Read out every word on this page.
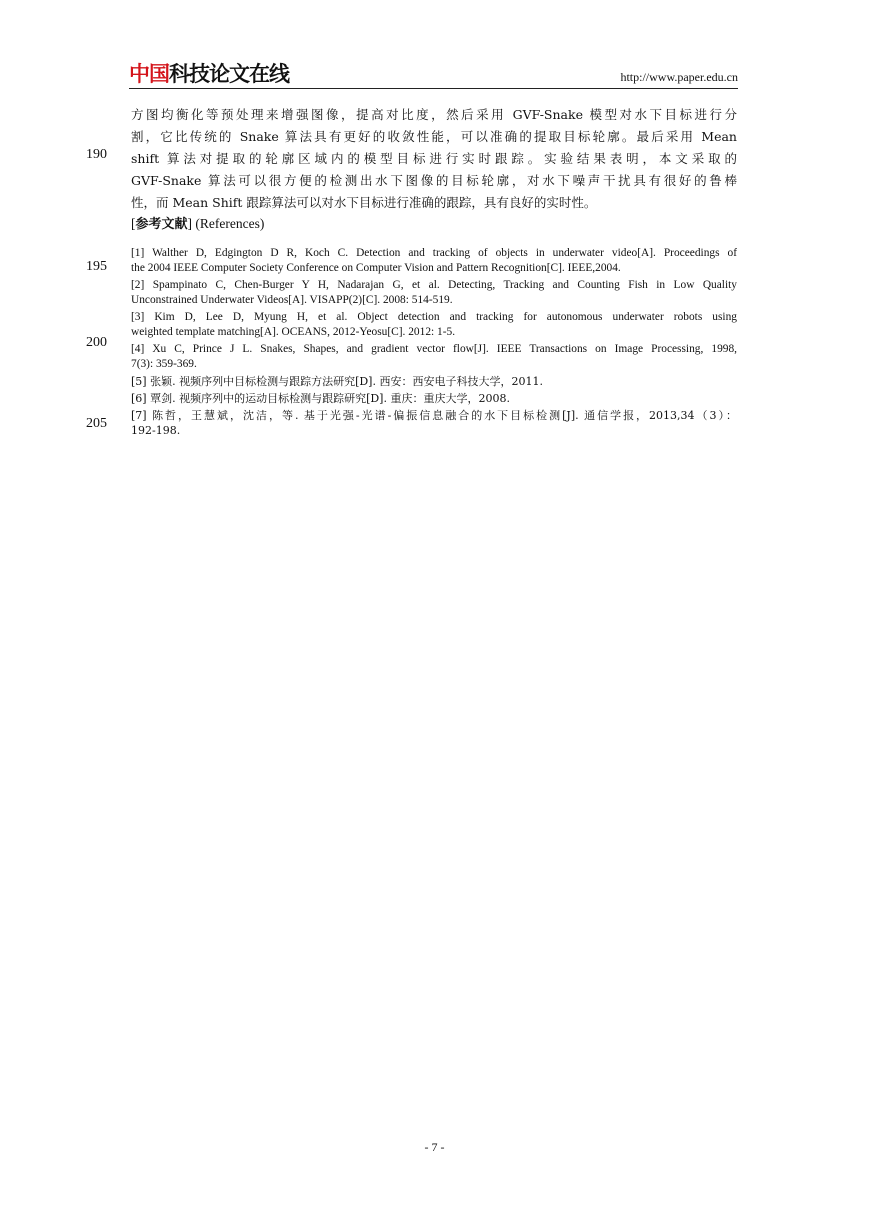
中国科技论文在线	http://www.paper.edu.cn
方图均衡化等预处理来增强图像，提高对比度，然后采用 GVF-Snake 模型对水下目标进行分
割，它比传统的 Snake 算法具有更好的收敛性能，可以准确的提取目标轮廓。最后采用 Mean
shift 算法对提取的轮廓区域内的模型目标进行实时跟踪。实验结果表明，本文采取的
GVF-Snake 算法可以很方便的检测出水下图像的目标轮廓，对水下噪声干扰具有很好的鲁棒
性，而 Mean Shift 跟踪算法可以对水下目标进行准确的跟踪，具有良好的实时性。
190
195
200
205
[参考文献] (References)
[1] Walther D, Edgington D R, Koch C. Detection and tracking of objects in underwater video[A]. Proceedings of
the 2004 IEEE Computer Society Conference on Computer Vision and Pattern Recognition[C]. IEEE,2004.
[2] Spampinato C, Chen-Burger Y H, Nadarajan G, et al. Detecting, Tracking and Counting Fish in Low Quality
Unconstrained Underwater Videos[A]. VISAPP(2)[C]. 2008: 514-519.
[3] Kim D, Lee D, Myung H, et al. Object detection and tracking for autonomous underwater robots using
weighted template matching[A]. OCEANS, 2012-Yeosu[C]. 2012: 1-5.
[4] Xu C, Prince J L. Snakes, Shapes, and gradient vector flow[J]. IEEE Transactions on Image Processing, 1998,
7(3): 359-369.
[5] 张颖. 视频序列中目标检测与跟踪方法研究[D]. 西安：西安电子科技大学，2011.
[6] 覃剑. 视频序列中的运动目标检测与跟踪研究[D]. 重庆：重庆大学，2008.
[7] 陈哲，王慧斌，沈洁，等. 基于光强-光谱-偏振信息融合的水下目标检测[J]. 通信学报，2013,34（3）：
192-198.
- 7 -
